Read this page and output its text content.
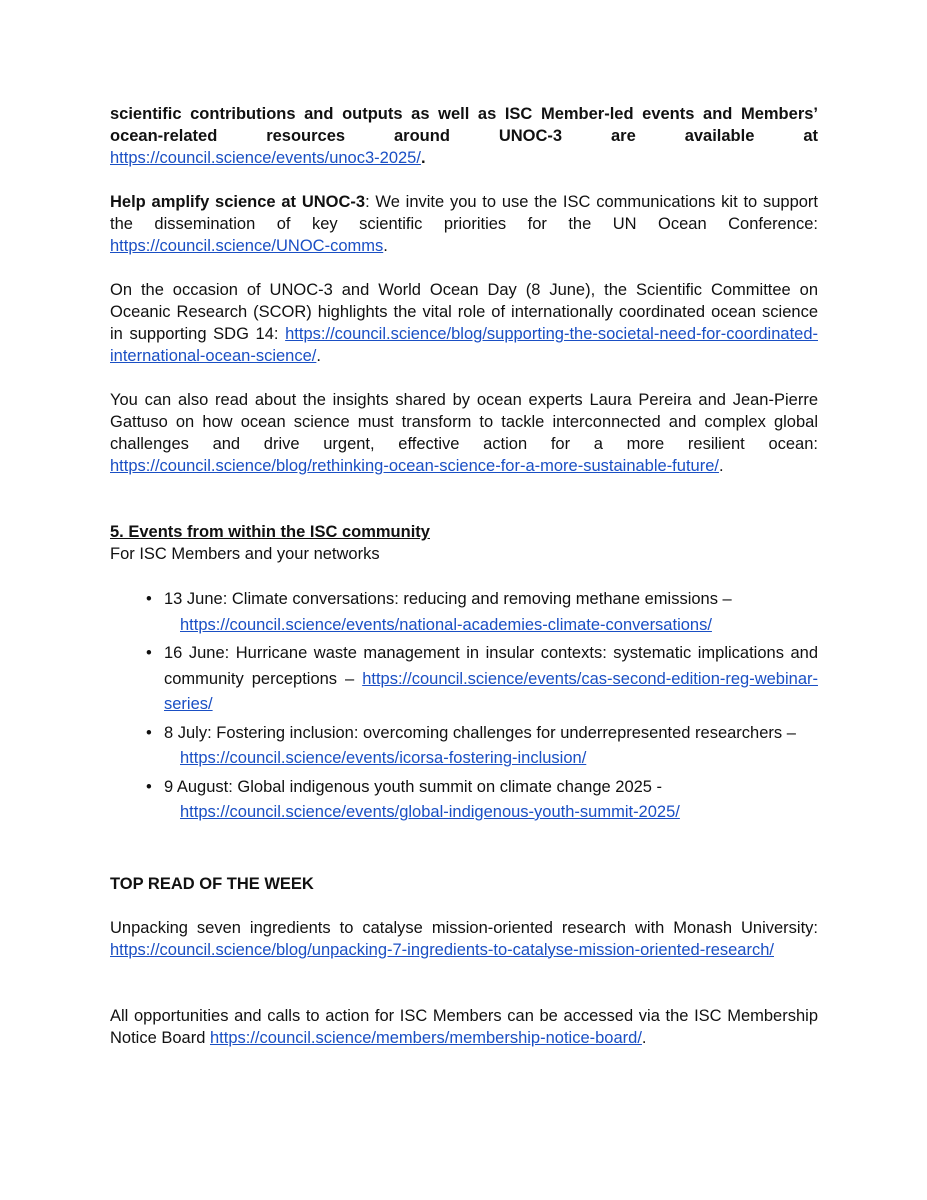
scientific contributions and outputs as well as ISC Member-led events and Members’ ocean-related resources around UNOC-3 are available at https://council.science/events/unoc3-2025/.

Help amplify science at UNOC-3: We invite you to use the ISC communications kit to support the dissemination of key scientific priorities for the UN Ocean Conference: https://council.science/UNOC-comms.

On the occasion of UNOC-3 and World Ocean Day (8 June), the Scientific Committee on Oceanic Research (SCOR) highlights the vital role of internationally coordinated ocean science in supporting SDG 14: https://council.science/blog/supporting-the-societal-need-for-coordinated-international-ocean-science/.

You can also read about the insights shared by ocean experts Laura Pereira and Jean-Pierre Gattuso on how ocean science must transform to tackle interconnected and complex global challenges and drive urgent, effective action for a more resilient ocean: https://council.science/blog/rethinking-ocean-science-for-a-more-sustainable-future/.

5. Events from within the ISC community
For ISC Members and your networks
• 13 June: Climate conversations: reducing and removing methane emissions –
https://council.science/events/national-academies-climate-conversations/
• 16 June: Hurricane waste management in insular contexts: systematic implications and community perceptions – https://council.science/events/cas-second-edition-reg-webinar-series/
• 8 July: Fostering inclusion: overcoming challenges for underrepresented researchers –
https://council.science/events/icorsa-fostering-inclusion/
• 9 August: Global indigenous youth summit on climate change 2025 -
https://council.science/events/global-indigenous-youth-summit-2025/
TOP READ OF THE WEEK

Unpacking seven ingredients to catalyse mission-oriented research with Monash University: https://council.science/blog/unpacking-7-ingredients-to-catalyse-mission-oriented-research/

All opportunities and calls to action for ISC Members can be accessed via the ISC Membership Notice Board https://council.science/members/membership-notice-board/.
